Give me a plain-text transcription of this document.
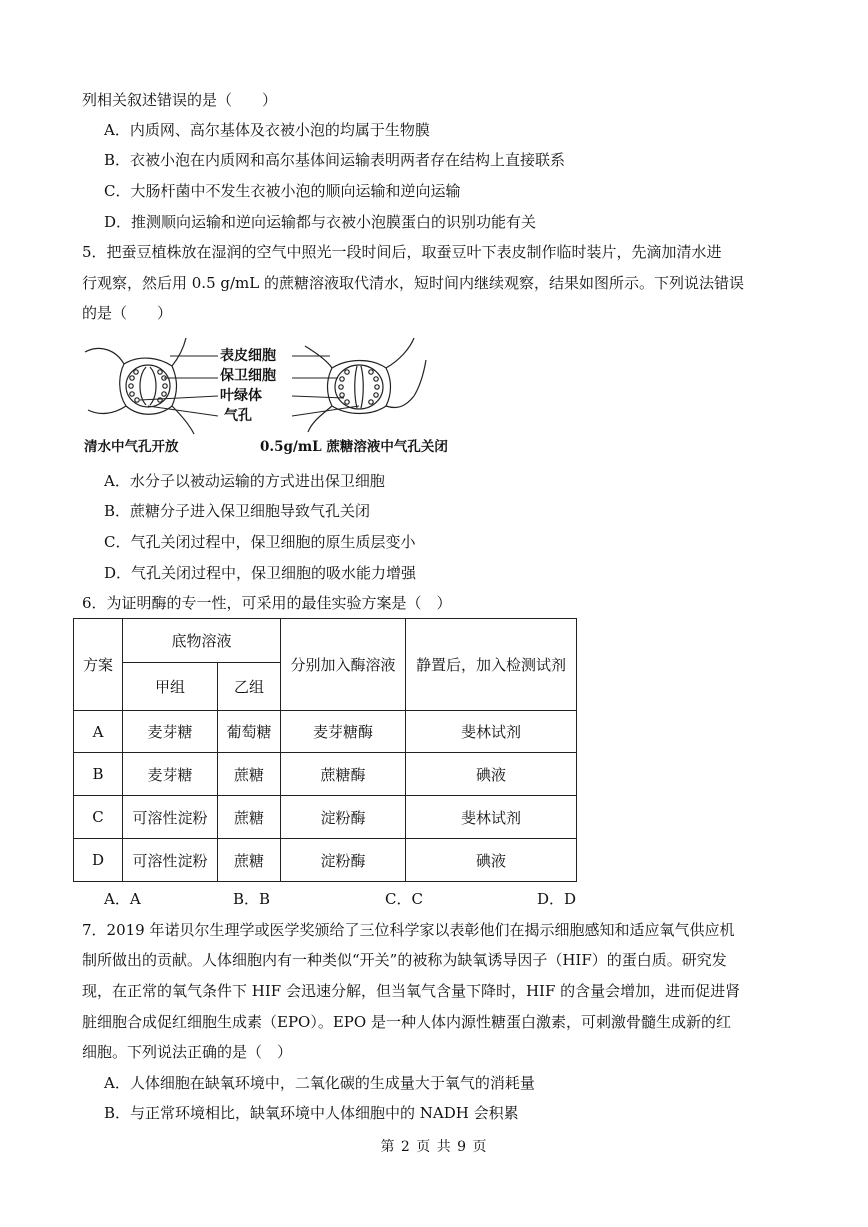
列相关叙述错误的是（　　）
A．内质网、高尔基体及衣被小泡的均属于生物膜
B．衣被小泡在内质网和高尔基体间运输表明两者存在结构上直接联系
C．大肠杆菌中不发生衣被小泡的顺向运输和逆向运输
D．推测顺向运输和逆向运输都与衣被小泡膜蛋白的识别功能有关
5．把蚕豆植株放在湿润的空气中照光一段时间后，取蚕豆叶下表皮制作临时装片，先滴加清水进
行观察，然后用 0.5 g/mL 的蔗糖溶液取代清水，短时间内继续观察，结果如图所示。下列说法错误
的是（　　）
表皮细胞
保卫细胞
叶绿体
气孔
清水中气孔开放	0.5g/mL 蔗糖溶液中气孔关闭
A．水分子以被动运输的方式进出保卫细胞
B．蔗糖分子进入保卫细胞导致气孔关闭
C．气孔关闭过程中，保卫细胞的原生质层变小
D．气孔关闭过程中，保卫细胞的吸水能力增强
6．为证明酶的专一性，可采用的最佳实验方案是（　）
方案	底物溶液		分别加入酶溶液	静置后，加入检测试剂
	甲组	乙组		
A	麦芽糖	葡萄糖	麦芽糖酶	斐林试剂
B	麦芽糖	蔗糖	蔗糖酶	碘液
C	可溶性淀粉	蔗糖	淀粉酶	斐林试剂
D	可溶性淀粉	蔗糖	淀粉酶	碘液
A．A	B．B	C．C	D．D
7．2019 年诺贝尔生理学或医学奖颁给了三位科学家以表彰他们在揭示细胞感知和适应氧气供应机
制所做出的贡献。人体细胞内有一种类似“开关”的被称为缺氧诱导因子（HIF）的蛋白质。研究发
现，在正常的氧气条件下 HIF 会迅速分解，但当氧气含量下降时，HIF 的含量会增加，进而促进肾
脏细胞合成促红细胞生成素（EPO）。EPO 是一种人体内源性糖蛋白激素，可刺激骨髓生成新的红
细胞。下列说法正确的是（　）
A．人体细胞在缺氧环境中，二氧化碳的生成量大于氧气的消耗量
B．与正常环境相比，缺氧环境中人体细胞中的 NADH 会积累
第 2 页 共 9 页
